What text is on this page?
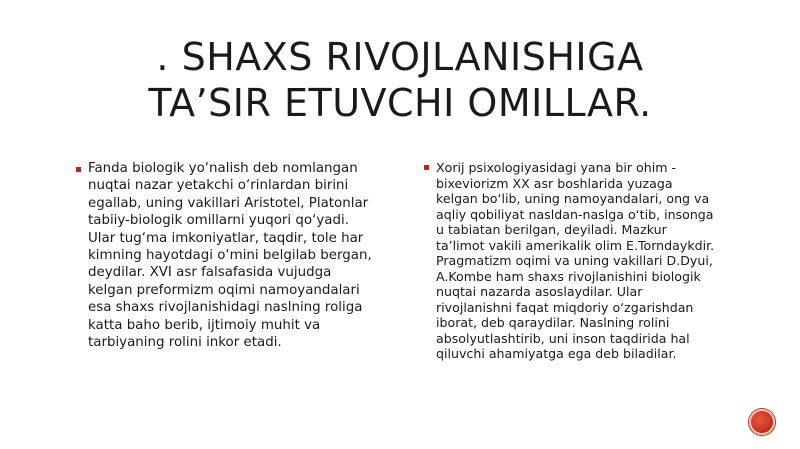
. SHAXS RIVOJLANISHIGA
TA’SIR ETUVCHI OMILLAR.
Fanda biologik yo‘nalish deb nomlangan nuqtai nazar yetakchi o‘rinlardan birini egallab, uning vakillari Aristotel, Platonlar tabiiy-biologik omillarni yuqori qo‘yadi. Ular tug‘ma imkoniyatlar, taqdir, tole har kimning hayotdagi o‘mini belgilab bergan, deydilar. XVI asr falsafasida vujudga kelgan preformizm oqimi namoyandalari esa shaxs rivojlanishidagi naslning roliga katta baho berib, ijtimoiy muhit va tarbiyaning rolini inkor etadi.
Xorij psixologiyasidagi yana bir ohim - bixeviorizm XX asr boshlarida yuzaga kelgan bo‘lib, uning namoyandalari, ong va aqliy qobiliyat nasldan-naslga o‘tib, insonga u tabiatan berilgan, deyiladi. Mazkur ta’limot vakili amerikalik olim E.Torndaykdir. Pragmatizm oqimi va uning vakillari D.Dyui, A.Kombe ham shaxs rivojlanishini biologik nuqtai nazarda asoslaydilar. Ular rivojlanishni faqat miqdoriy o‘zgarishdan iborat, deb qaraydilar. Naslning rolini absolyutlashtirib, uni inson taqdirida hal qiluvchi ahamiyatga ega deb biladilar.
